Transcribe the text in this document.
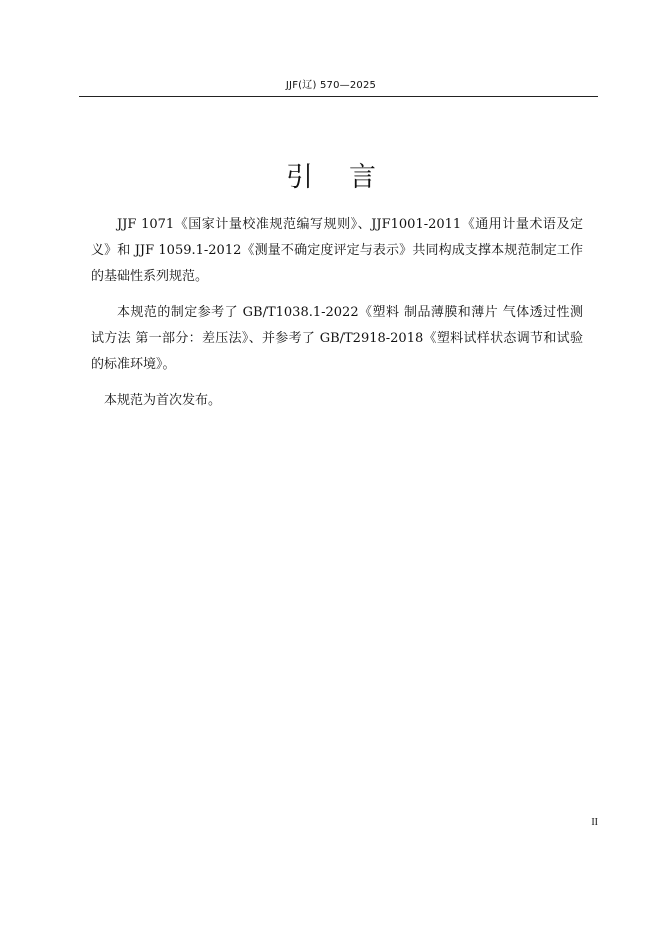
JJF(辽) 570—2025
引 言

JJF 1071《国家计量校准规范编写规则》、JJF1001-2011《通用计量术语及定义》和 JJF 1059.1-2012《测量不确定度评定与表示》共同构成支撑本规范制定工作的基础性系列规范。

本规范的制定参考了 GB/T1038.1-2022《塑料 制品薄膜和薄片 气体透过性测试方法 第一部分：差压法》、并参考了 GB/T2918-2018《塑料试样状态调节和试验的标准环境》。

本规范为首次发布。

II
